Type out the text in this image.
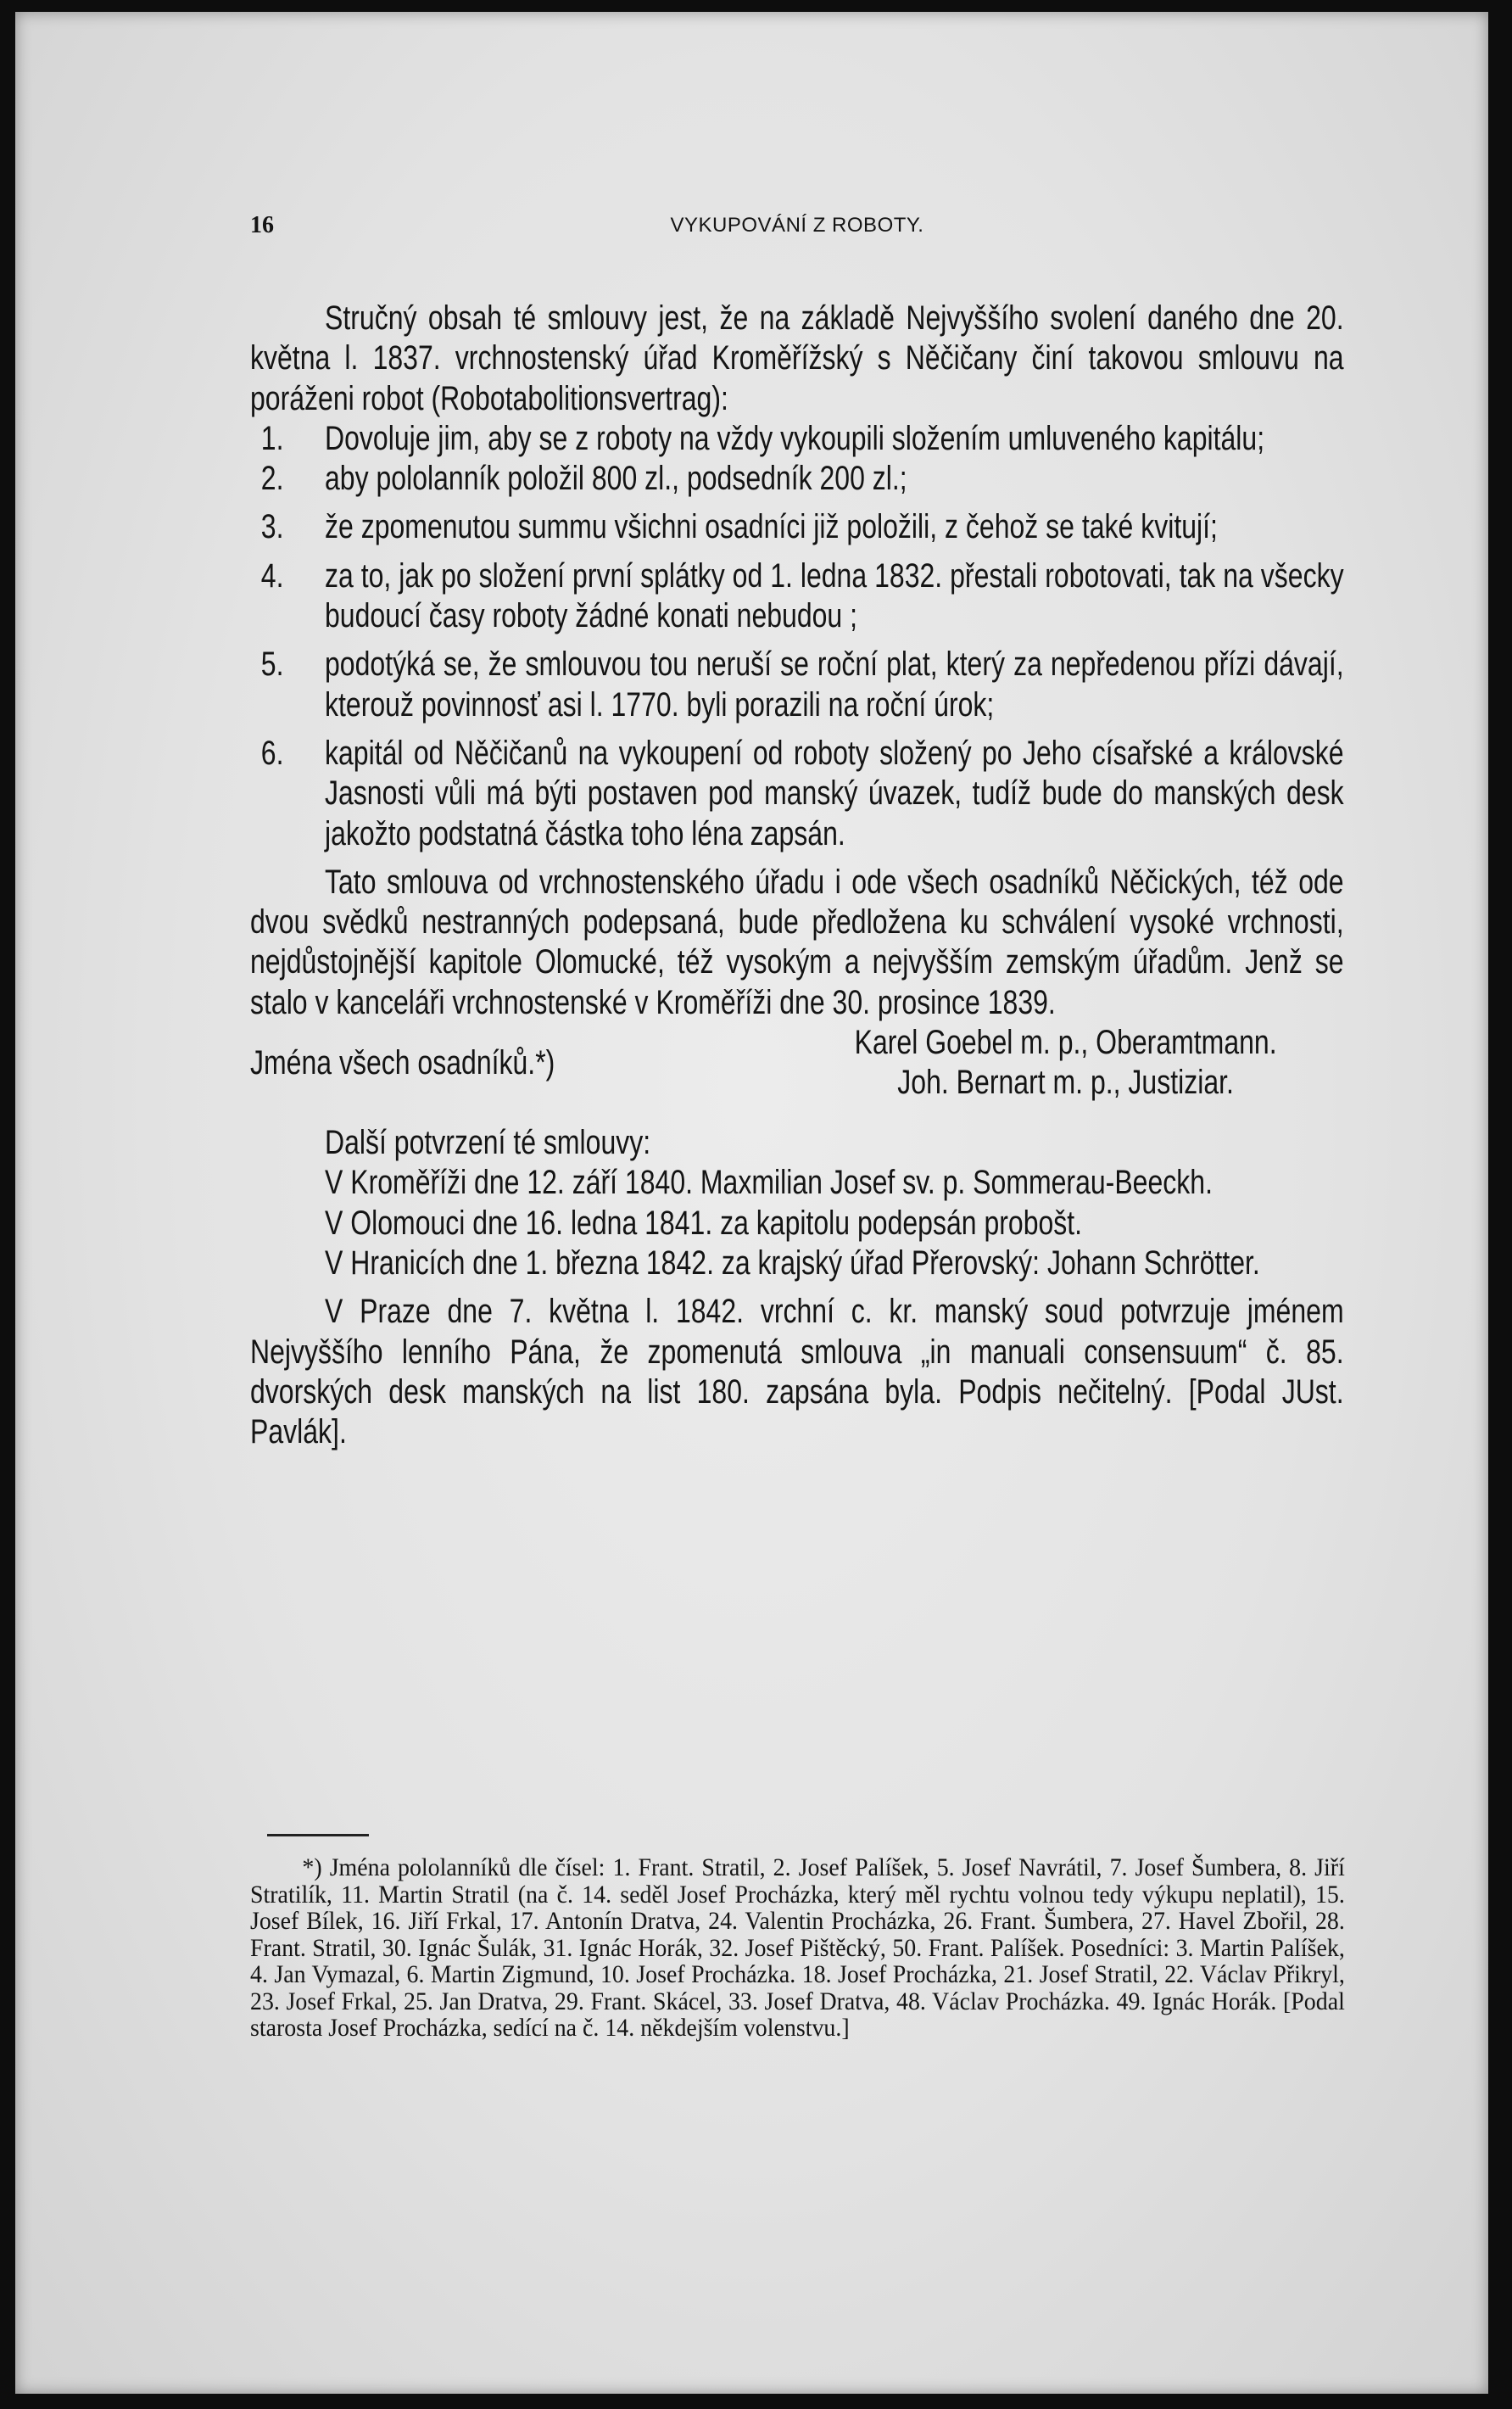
16	VYKUPOVÁNÍ Z ROBOTY.

Stručný obsah té smlouvy jest, že na základě Nejvyššího svolení daného dne 20. května l. 1837. vrchnostenský úřad Kroměřížský s Něčičany činí takovou smlouvu na poráženi robot (Robotabolitionsvertrag):

1. Dovoluje jim, aby se z roboty na vždy vykoupili složením umluveného kapitálu;
2. aby pololanník položil 800 zl., podsedník 200 zl.;
3. že zpomenutou summu všichni osadníci již položili, z čehož se také kvitují;
4. za to, jak po složení první splátky od 1. ledna 1832. přestali robotovati, tak na všecky budoucí časy roboty žádné konati nebudou ;
5. podotýká se, že smlouvou tou neruší se roční plat, který za nepředenou přízi dávají, kterouž povinnosť asi l. 1770. byli porazili na roční úrok;
6. kapitál od Něčičanů na vykoupení od roboty složený po Jeho císařské a královské Jasnosti vůli má býti postaven pod manský úvazek, tudíž bude do manských desk jakožto podstatná částka toho léna zapsán.

Tato smlouva od vrchnostenského úřadu i ode všech osadníků Něčických, též ode dvou svědků nestranných podepsaná, bude předložena ku schválení vysoké vrchnosti, nejdůstojnější kapitole Olomucké, též vysokým a nejvyšším zemským úřadům. Jenž se stalo v kanceláři vrchnostenské v Kroměříži dne 30. prosince 1839.

Jména všech osadníků.*)
Karel Goebel m. p., Oberamtmann.
Joh. Bernart m. p., Justiziar.

Další potvrzení té smlouvy:

V Kroměříži dne 12. září 1840. Maxmilian Josef sv. p. Sommerau-Beeckh.

V Olomouci dne 16. ledna 1841. za kapitolu podepsán probošt.

V Hranicích dne 1. března 1842. za krajský úřad Přerovský: Johann Schrötter.

V Praze dne 7. května l. 1842. vrchní c. kr. manský soud potvrzuje jménem Nejvyššího lenního Pána, že zpomenutá smlouva „in manuali consensuum“ č. 85. dvorských desk manských na list 180. zapsána byla. Podpis nečitelný. [Podal JUst. Pavlák].

*) Jména pololanníků dle čísel: 1. Frant. Stratil, 2. Josef Palíšek, 5. Josef Navrátil, 7. Josef Šumbera, 8. Jiří Stratilík, 11. Martin Stratil (na č. 14. seděl Josef Procházka, který měl rychtu volnou tedy výkupu neplatil), 15. Josef Bílek, 16. Jiří Frkal, 17. Antonín Dratva, 24. Valentin Procházka, 26. Frant. Šumbera, 27. Havel Zbořil, 28. Frant. Stratil, 30. Ignác Šulák, 31. Ignác Horák, 32. Josef Pištěcký, 50. Frant. Palíšek. Posedníci: 3. Martin Palíšek, 4. Jan Vymazal, 6. Martin Zigmund, 10. Josef Procházka. 18. Josef Procházka, 21. Josef Stratil, 22. Václav Přikryl, 23. Josef Frkal, 25. Jan Dratva, 29. Frant. Skácel, 33. Josef Dratva, 48. Václav Procházka. 49. Ignác Horák. [Podal starosta Josef Procházka, sedící na č. 14. někdejším volenstvu.]
